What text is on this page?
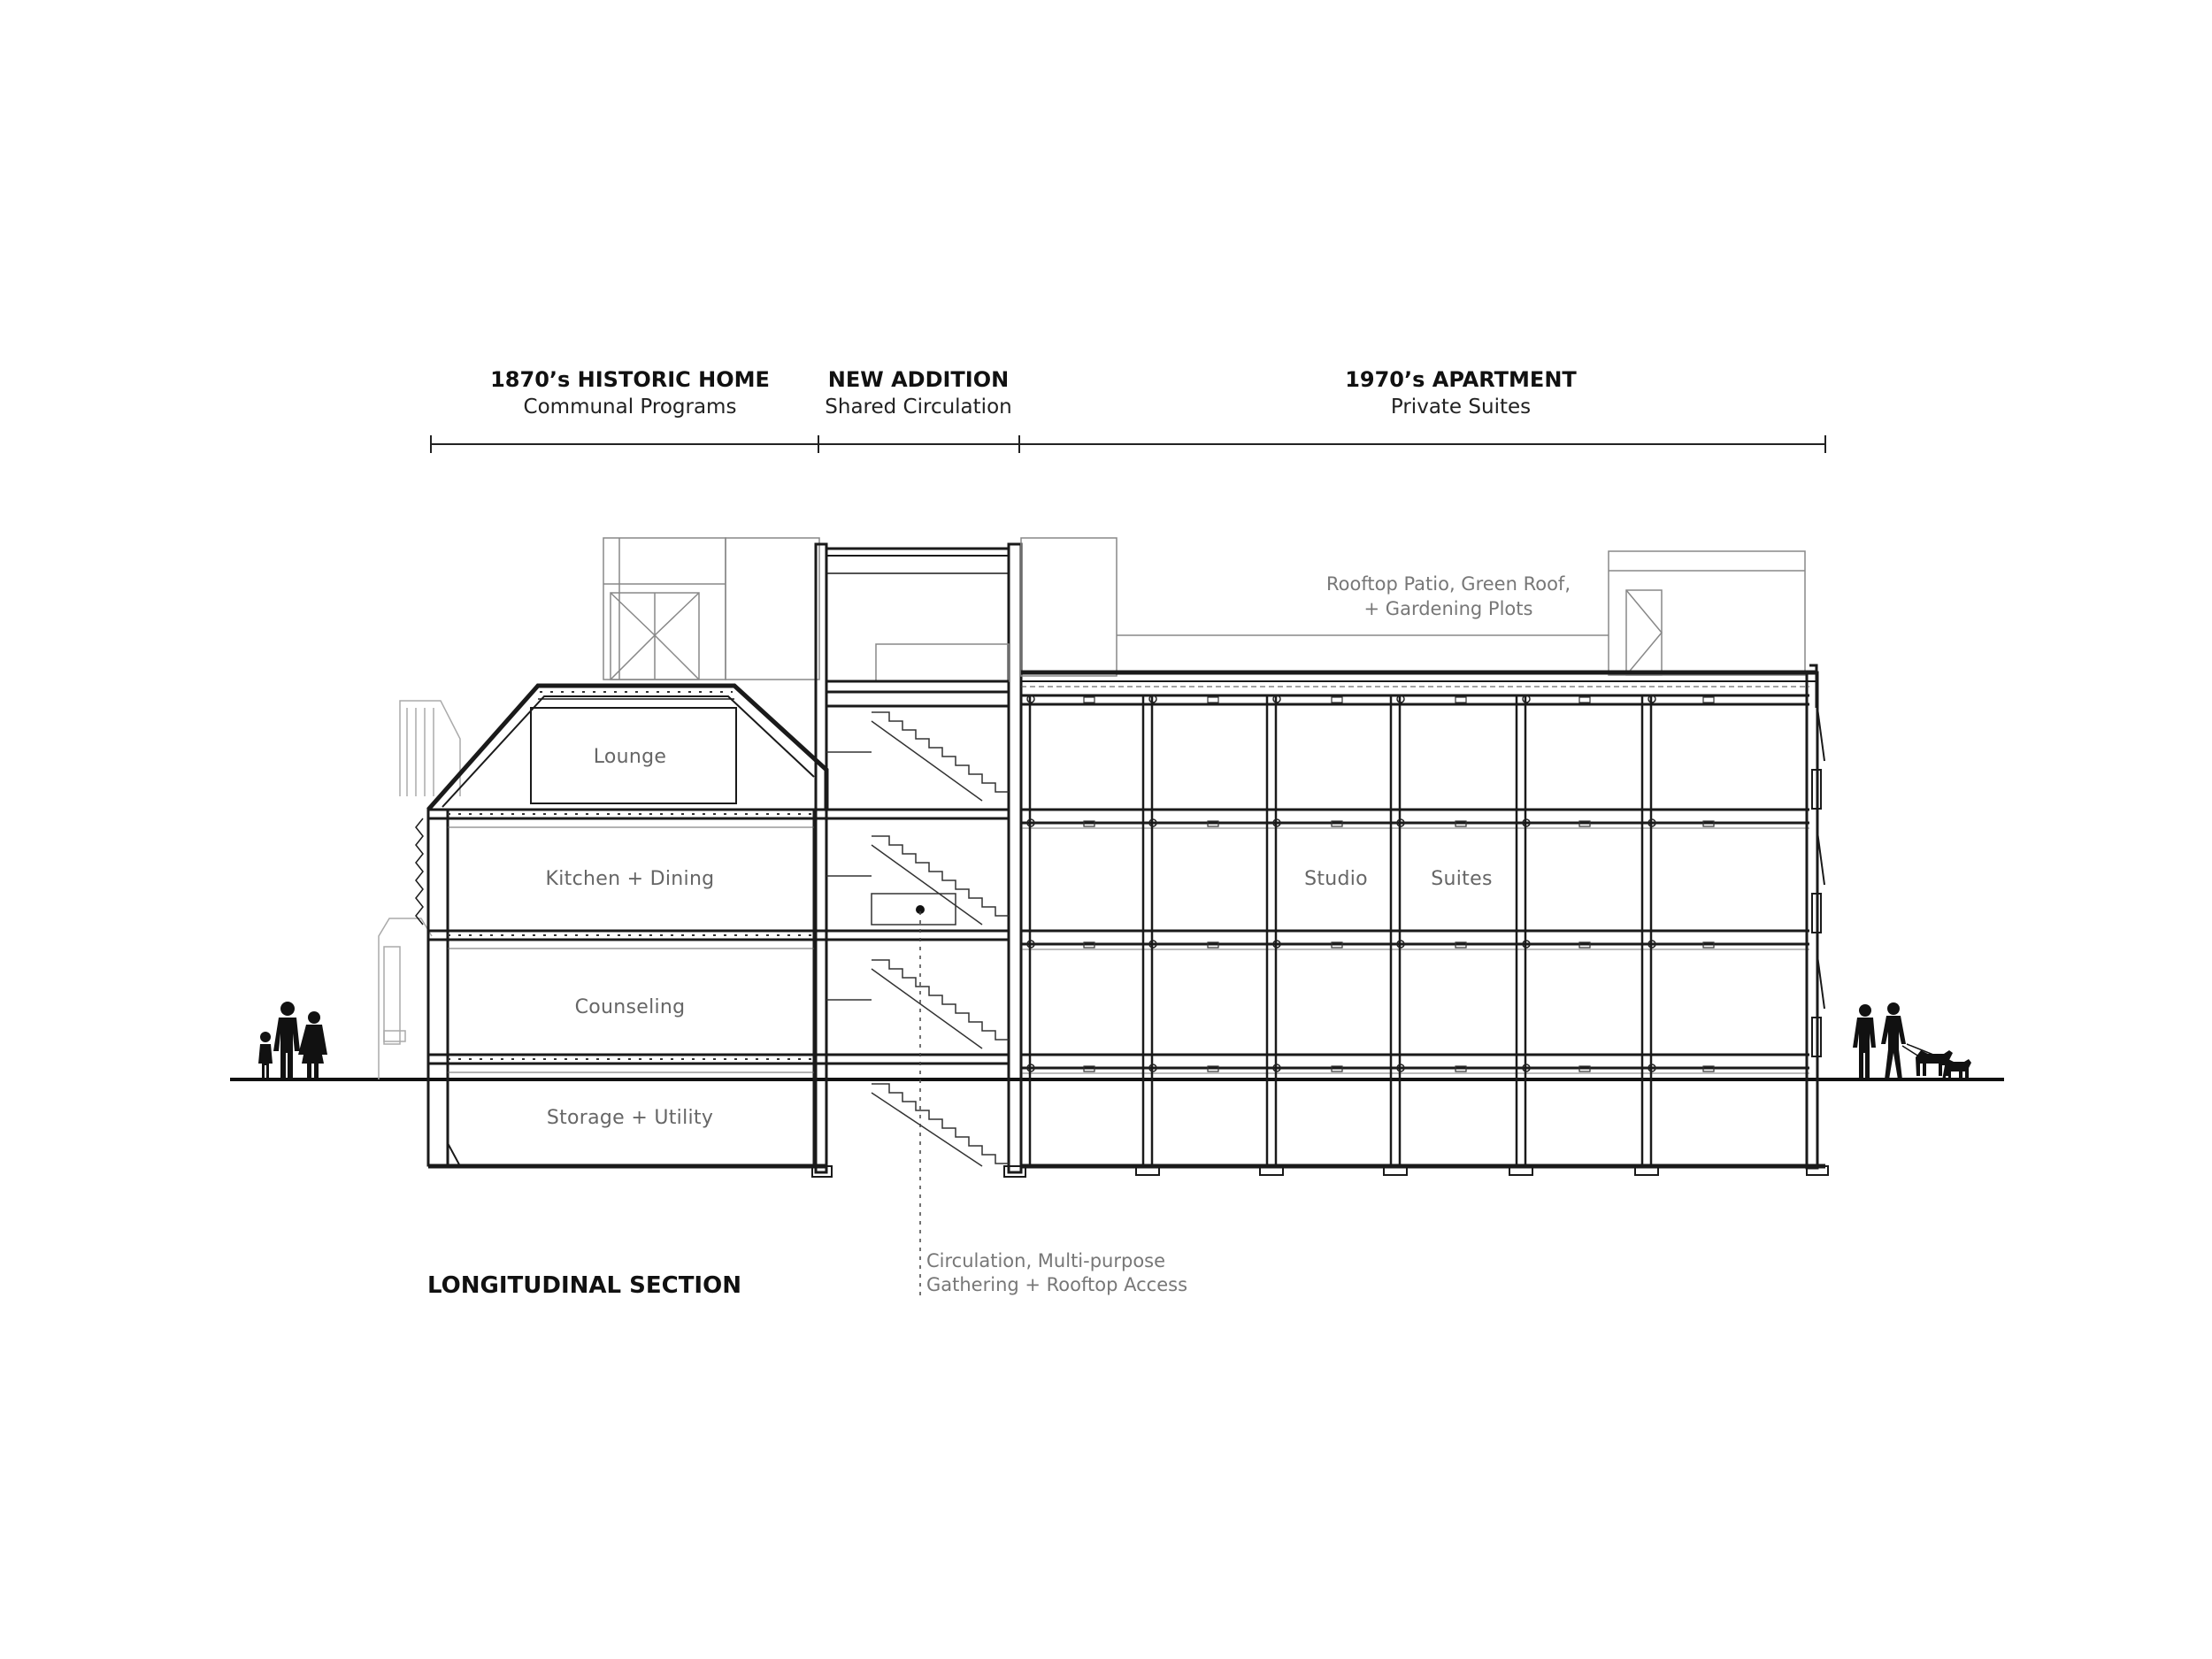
1870’s HISTORIC HOME
Communal Programs
NEW ADDITION
Shared Circulation
1970’s APARTMENT
Private Suites
Lounge
Kitchen + Dining
Counseling
Storage + Utility
Studio	Suites
Rooftop Patio, Green Roof,
+ Gardening Plots
Circulation, Multi-purpose
Gathering + Rooftop Access
LONGITUDINAL SECTION
